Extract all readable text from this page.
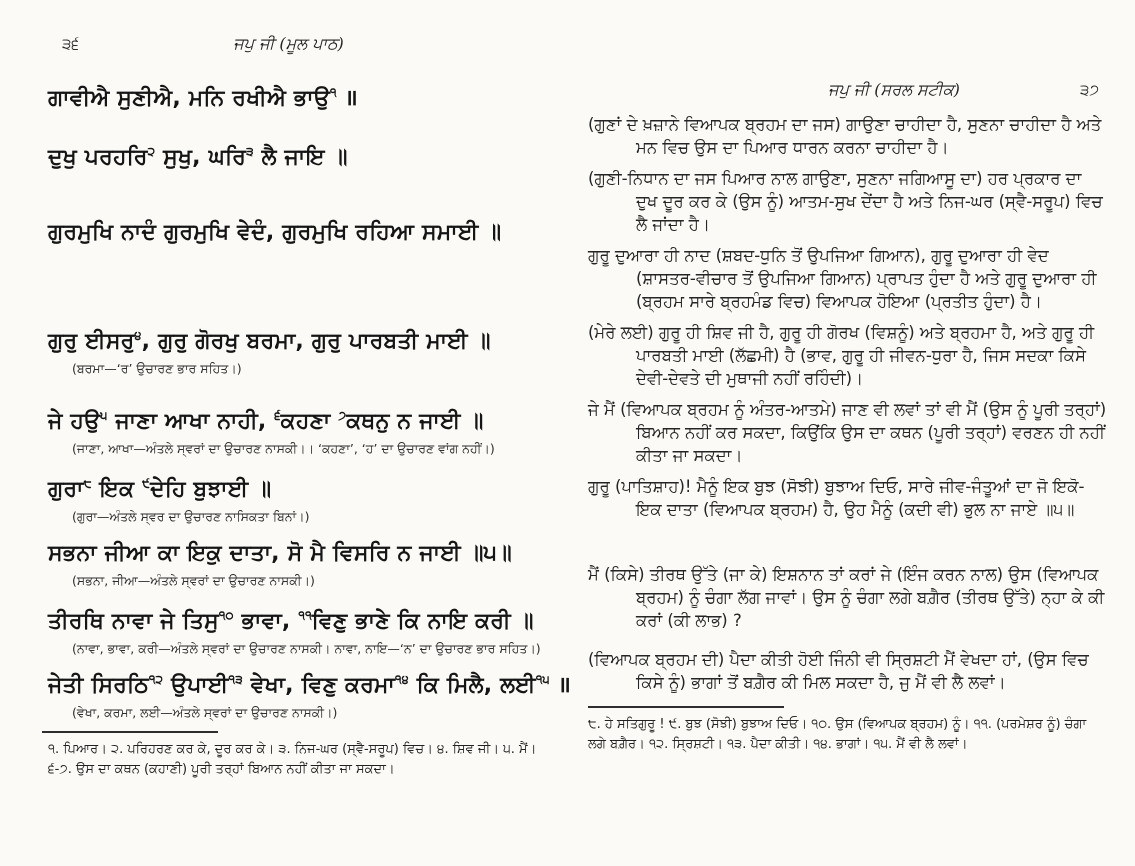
੩੬	ਜਪੁ ਜੀ (ਮੂਲ ਪਾਠ)
ਗਾਵੀਐ ਸੁਣੀਐ, ਮਨਿ ਰਖੀਐ ਭਾਉ$^੧$ ॥
ਦੁਖੁ ਪਰਹਰਿ$^੨$ ਸੁਖੁ, ਘਰਿ$^੩$ ਲੈ ਜਾਇ ॥
ਗੁਰਮੁਖਿ ਨਾਦੰ ਗੁਰਮੁਖਿ ਵੇਦੰ, ਗੁਰਮੁਖਿ ਰਹਿਆ ਸਮਾਈ ॥
ਗੁਰੁ ਈਸਰੁ$^੪$, ਗੁਰੁ ਗੋਰਖੁ ਬਰਮਾ, ਗੁਰੁ ਪਾਰਬਤੀ ਮਾਈ ॥
(ਬਰਮਾ—‘ਰ’ ਉਚਾਰਣ ਭਾਰ ਸਹਿਤ।)
ਜੇ ਹਉ$^੫$ ਜਾਣਾ ਆਖਾ ਨਾਹੀ, $^੬$ਕਹਣਾ $^੭$ਕਥਨੁ ਨ ਜਾਈ ॥
(ਜਾਣਾ, ਆਖਾ—ਅੰਤਲੇ ਸ੍ਵਰਾਂ ਦਾ ਉਚਾਰਣ ਨਾਸਕੀ।। ‘ਕਹਣਾ’, ‘ਹ’ ਦਾ ਉਚਾਰਣ ਵਾਂਗ ਨਹੀਂ।)
ਗੁਰਾ$^੮$ ਇਕ $^੯$ਦੇਹਿ ਬੁਝਾਈ ॥
(ਗੁਰਾ—ਅੰਤਲੇ ਸ੍ਵਰ ਦਾ ਉਚਾਰਣ ਨਾਸਿਕਤਾ ਬਿਨਾਂ।)
ਸਭਨਾ ਜੀਆ ਕਾ ਇਕੁ ਦਾਤਾ, ਸੋ ਮੈ ਵਿਸਰਿ ਨ ਜਾਈ ॥੫॥
(ਸਭਨਾ, ਜੀਆ—ਅੰਤਲੇ ਸ੍ਵਰਾਂ ਦਾ ਉਚਾਰਣ ਨਾਸਕੀ।)
ਤੀਰਥਿ ਨਾਵਾ ਜੇ ਤਿਸੁ$^{੧੦}$ ਭਾਵਾ, $^{੧੧}$ਵਿਣੁ ਭਾਣੇ ਕਿ ਨਾਇ ਕਰੀ ॥
(ਨਾਵਾ, ਭਾਵਾ, ਕਰੀ—ਅੰਤਲੇ ਸ੍ਵਰਾਂ ਦਾ ਉਚਾਰਣ ਨਾਸਕੀ। ਨਾਵਾ, ਨਾਇ—‘ਨ’ ਦਾ ਉਚਾਰਣ ਭਾਰ ਸਹਿਤ।)
ਜੇਤੀ ਸਿਰਠਿ$^{੧੨}$ ਉਪਾਈ$^{੧੩}$ ਵੇਖਾ, ਵਿਣੁ ਕਰਮਾ$^{੧੪}$ ਕਿ ਮਿਲੈ, ਲਈ$^{੧੫}$ ॥
(ਵੇਖਾ, ਕਰਮਾ, ਲਈ—ਅੰਤਲੇ ਸ੍ਵਰਾਂ ਦਾ ਉਚਾਰਣ ਨਾਸਕੀ।)

੧. ਪਿਆਰ। ੨. ਪਰਿਹਰਣ ਕਰ ਕੇ, ਦੂਰ ਕਰ ਕੇ। ੩. ਨਿਜ-ਘਰ (ਸ੍ਵੈ-ਸਰੂਪ) ਵਿਚ। ੪. ਸ਼ਿਵ ਜੀ। ੫. ਮੈਂ। ੬-੭. ਉਸ ਦਾ ਕਥਨ (ਕਹਾਣੀ) ਪੂਰੀ ਤਰ੍ਹਾਂ ਬਿਆਨ ਨਹੀਂ ਕੀਤਾ ਜਾ ਸਕਦਾ।

ਜਪੁ ਜੀ (ਸਰਲ ਸਟੀਕ)	੩੭

(ਗੁਣਾਂ ਦੇ ਖ਼ਜ਼ਾਨੇ ਵਿਆਪਕ ਬ੍ਰਹਮ ਦਾ ਜਸ) ਗਾਉਣਾ ਚਾਹੀਦਾ ਹੈ, ਸੁਣਨਾ ਚਾਹੀਦਾ ਹੈ ਅਤੇ ਮਨ ਵਿਚ ਉਸ ਦਾ ਪਿਆਰ ਧਾਰਨ ਕਰਨਾ ਚਾਹੀਦਾ ਹੈ।

(ਗੁਣੀ-ਨਿਧਾਨ ਦਾ ਜਸ ਪਿਆਰ ਨਾਲ ਗਾਉਣਾ, ਸੁਣਨਾ ਜਗਿਆਸੂ ਦਾ) ਹਰ ਪ੍ਰਕਾਰ ਦਾ ਦੁਖ ਦੂਰ ਕਰ ਕੇ (ਉਸ ਨੂੰ) ਆਤਮ-ਸੁਖ ਦੇਂਦਾ ਹੈ ਅਤੇ ਨਿਜ-ਘਰ (ਸ੍ਵੈ-ਸਰੂਪ) ਵਿਚ ਲੈ ਜਾਂਦਾ ਹੈ।

ਗੁਰੂ ਦੁਆਰਾ ਹੀ ਨਾਦ (ਸ਼ਬਦ-ਧੁਨਿ ਤੋਂ ਉਪਜਿਆ ਗਿਆਨ), ਗੁਰੂ ਦੁਆਰਾ ਹੀ ਵੇਦ (ਸ਼ਾਸਤਰ-ਵੀਚਾਰ ਤੋਂ ਉਪਜਿਆ ਗਿਆਨ) ਪ੍ਰਾਪਤ ਹੁੰਦਾ ਹੈ ਅਤੇ ਗੁਰੂ ਦੁਆਰਾ ਹੀ (ਬ੍ਰਹਮ ਸਾਰੇ ਬ੍ਰਹਮੰਡ ਵਿਚ) ਵਿਆਪਕ ਹੋਇਆ (ਪ੍ਰਤੀਤ ਹੁੰਦਾ) ਹੈ।

(ਮੇਰੇ ਲਈ) ਗੁਰੂ ਹੀ ਸ਼ਿਵ ਜੀ ਹੈ, ਗੁਰੂ ਹੀ ਗੋਰਖ (ਵਿਸ਼ਨੂੰ) ਅਤੇ ਬ੍ਰਹਮਾ ਹੈ, ਅਤੇ ਗੁਰੂ ਹੀ ਪਾਰਬਤੀ ਮਾਈ (ਲੱਛਮੀ) ਹੈ (ਭਾਵ, ਗੁਰੂ ਹੀ ਜੀਵਨ-ਧੁਰਾ ਹੈ, ਜਿਸ ਸਦਕਾ ਕਿਸੇ ਦੇਵੀ-ਦੇਵਤੇ ਦੀ ਮੁਥਾਜੀ ਨਹੀਂ ਰਹਿੰਦੀ)।

ਜੇ ਮੈਂ (ਵਿਆਪਕ ਬ੍ਰਹਮ ਨੂੰ ਅੰਤਰ-ਆਤਮੇ) ਜਾਣ ਵੀ ਲਵਾਂ ਤਾਂ ਵੀ ਮੈਂ (ਉਸ ਨੂੰ ਪੂਰੀ ਤਰ੍ਹਾਂ) ਬਿਆਨ ਨਹੀਂ ਕਰ ਸਕਦਾ, ਕਿਉਂਕਿ ਉਸ ਦਾ ਕਥਨ (ਪੂਰੀ ਤਰ੍ਹਾਂ) ਵਰਣਨ ਹੀ ਨਹੀਂ ਕੀਤਾ ਜਾ ਸਕਦਾ।

ਗੁਰੂ (ਪਾਤਿਸ਼ਾਹ)! ਮੈਨੂੰ ਇਕ ਬੁਝ (ਸੋਝੀ) ਬੁਝਾਅ ਦਿਓ, ਸਾਰੇ ਜੀਵ-ਜੰਤੂਆਂ ਦਾ ਜੋ ਇਕੋ-ਇਕ ਦਾਤਾ (ਵਿਆਪਕ ਬ੍ਰਹਮ) ਹੈ, ਉਹ ਮੈਨੂੰ (ਕਦੀ ਵੀ) ਭੁਲ ਨਾ ਜਾਏ ॥੫॥

ਮੈਂ (ਕਿਸੇ) ਤੀਰਥ ਉੱਤੇ (ਜਾ ਕੇ) ਇਸ਼ਨਾਨ ਤਾਂ ਕਰਾਂ ਜੇ (ਇੰਜ ਕਰਨ ਨਾਲ) ਉਸ (ਵਿਆਪਕ ਬ੍ਰਹਮ) ਨੂੰ ਚੰਗਾ ਲੱਗ ਜਾਵਾਂ। ਉਸ ਨੂੰ ਚੰਗਾ ਲਗੇ ਬਗ਼ੈਰ (ਤੀਰਥ ਉੱਤੇ) ਨ੍ਹਾ ਕੇ ਕੀ ਕਰਾਂ (ਕੀ ਲਾਭ) ?

(ਵਿਆਪਕ ਬ੍ਰਹਮ ਦੀ) ਪੈਦਾ ਕੀਤੀ ਹੋਈ ਜਿੰਨੀ ਵੀ ਸ੍ਰਿਸ਼ਟੀ ਮੈਂ ਵੇਖਦਾ ਹਾਂ, (ਉਸ ਵਿਚ ਕਿਸੇ ਨੂੰ) ਭਾਗਾਂ ਤੋਂ ਬਗ਼ੈਰ ਕੀ ਮਿਲ ਸਕਦਾ ਹੈ, ਜੁ ਮੈਂ ਵੀ ਲੈ ਲਵਾਂ।

੮. ਹੇ ਸਤਿਗੁਰੂ ! ੯. ਬੁਝ (ਸੋਝੀ) ਬੁਝਾਅ ਦਿਓ। ੧੦. ਉਸ (ਵਿਆਪਕ ਬ੍ਰਹਮ) ਨੂੰ। ੧੧. (ਪਰਮੇਸ਼ਰ ਨੂੰ) ਚੰਗਾ ਲਗੇ ਬਗ਼ੈਰ। ੧੨. ਸ੍ਰਿਸ਼ਟੀ। ੧੩. ਪੈਦਾ ਕੀਤੀ। ੧੪. ਭਾਗਾਂ। ੧੫. ਮੈਂ ਵੀ ਲੈ ਲਵਾਂ।
